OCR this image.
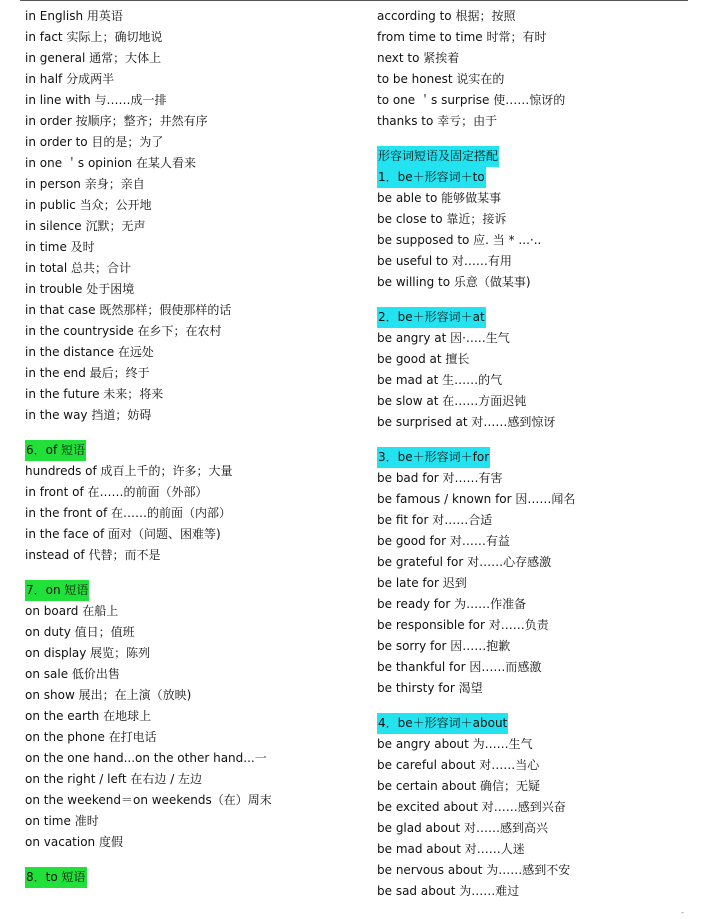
in English 用英语
in fact 实际上；确切地说
in general 通常；大体上
in half 分成两半
in line with 与……成一排
in order 按顺序；整齐；井然有序
in order to 目的是；为了
in one ＇s opinion 在某人看来
in person 亲身；亲自
in public 当众；公开地
in silence 沉默；无声
in time 及时
in total 总共；合计
in trouble 处于困境
in that case 既然那样；假使那样的话
in the countryside 在乡下；在农村
in the distance 在远处
in the end 最后；终于
in the future 未来；将来
in the way 挡道；妨碍
6．of 短语
hundreds of 成百上千的；许多；大量
in front of 在……的前面（外部）
in the front of 在……的前面（内部）
in the face of 面对（问题、困难等)
instead of 代替；而不是
7．on 短语
on board 在船上
on duty 值日；值班
on display 展览；陈列
on sale 低价出售
on show 展出；在上演（放映)
on the earth 在地球上
on the phone 在打电话
on the one hand...on the other hand...一
on the right / left 在右边 / 左边
on the weekend＝on weekends（在）周末
on time 准时
on vacation 度假
8．to 短语
according to 根据；按照
from time to time 时常；有时
next to 紧挨着
to be honest 说实在的
to one ＇s surprise 使……惊讶的
thanks to 幸亏；由于
形容词短语及固定搭配
1．be＋形容词＋to
be able to 能够做某事
be close to 靠近；接诉
be supposed to 应. 当 * ...·..
be useful to 对……有用
be willing to 乐意（做某事)
2．be＋形容词＋at
be angry at 因·‥.‥生气
be good at 擅长
be mad at 生……的气
be slow at 在……方面迟钝
be surprised at 对……感到惊讶
3．be＋形容词＋for
be bad for 对……有害
be famous / known for 因……闻名
be fit for 对……合适
be good for 对……有益
be grateful for 对……心存感激
be late for 迟到
be ready for 为……作准备
be responsible for 对……负责
be sorry for 因……抱歉
be thankful for 因……而感激
be thirsty for 渴望
4．be＋形容词＋about
be angry about 为……生气
be careful about 对……当心
be certain about 确信；无疑
be excited about 对……感到兴奋
be glad about 对……感到高兴
be mad about 对……人迷
be nervous about 为……感到不安
be sad about 为……难过
-
